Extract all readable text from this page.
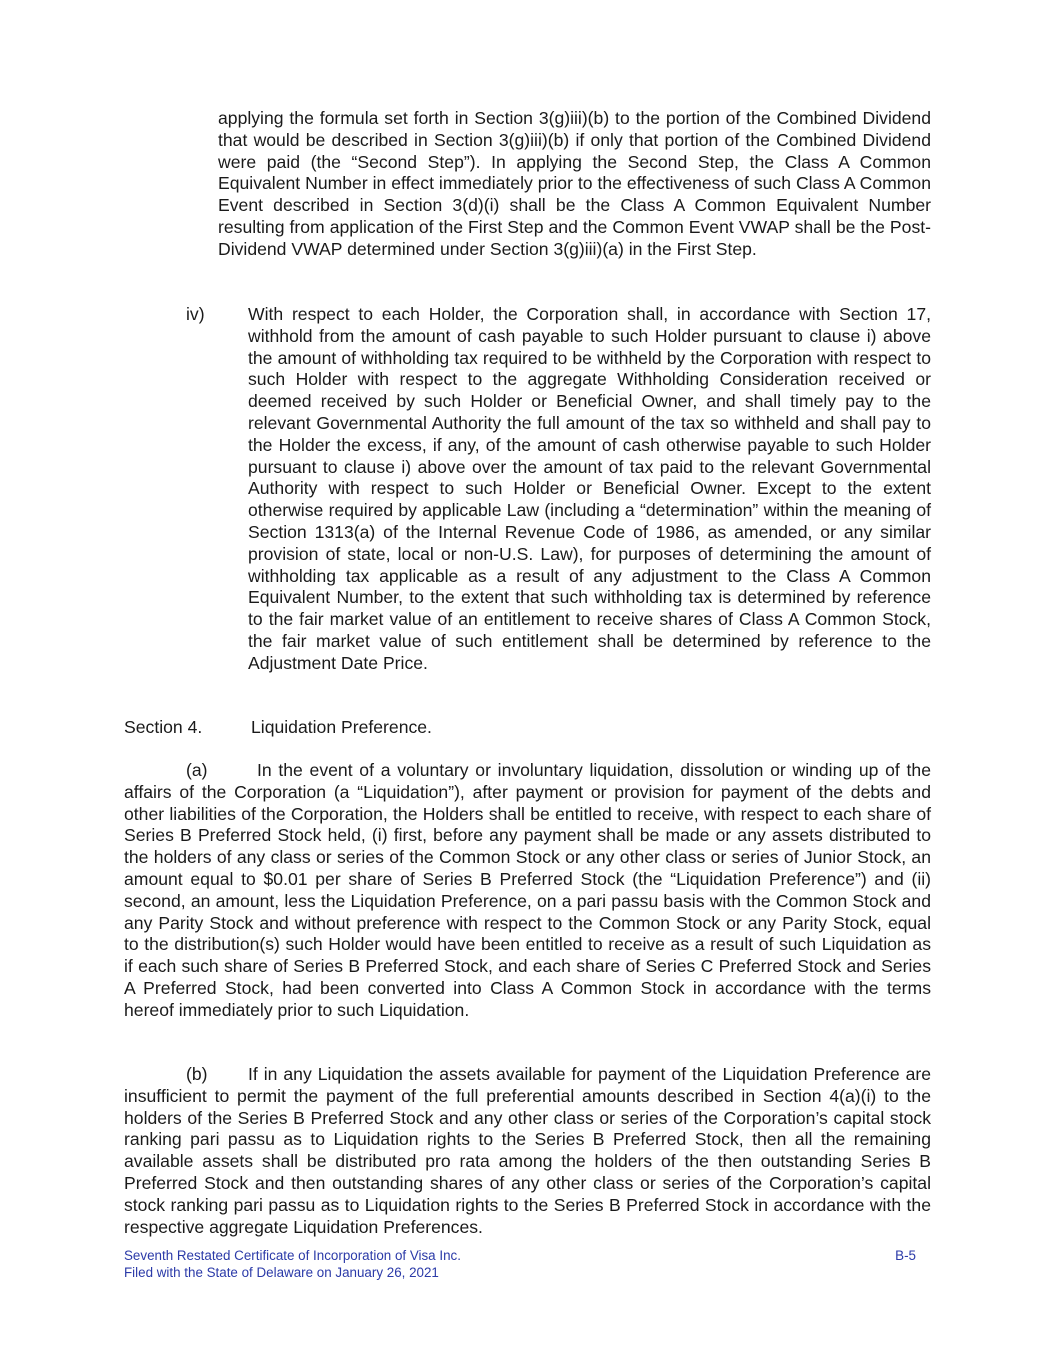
applying the formula set forth in Section 3(g)iii)(b) to the portion of the Combined Dividend that would be described in Section 3(g)iii)(b) if only that portion of the Combined Dividend were paid (the “Second Step”). In applying the Second Step, the Class A Common Equivalent Number in effect immediately prior to the effectiveness of such Class A Common Event described in Section 3(d)(i) shall be the Class A Common Equivalent Number resulting from application of the First Step and the Common Event VWAP shall be the Post-Dividend VWAP determined under Section 3(g)iii)(a) in the First Step.

iv) With respect to each Holder, the Corporation shall, in accordance with Section 17, withhold from the amount of cash payable to such Holder pursuant to clause i) above the amount of withholding tax required to be withheld by the Corporation with respect to such Holder with respect to the aggregate Withholding Consideration received or deemed received by such Holder or Beneficial Owner, and shall timely pay to the relevant Governmental Authority the full amount of the tax so withheld and shall pay to the Holder the excess, if any, of the amount of cash otherwise payable to such Holder pursuant to clause i) above over the amount of tax paid to the relevant Governmental Authority with respect to such Holder or Beneficial Owner. Except to the extent otherwise required by applicable Law (including a “determination” within the meaning of Section 1313(a) of the Internal Revenue Code of 1986, as amended, or any similar provision of state, local or non-U.S. Law), for purposes of determining the amount of withholding tax applicable as a result of any adjustment to the Class A Common Equivalent Number, to the extent that such withholding tax is determined by reference to the fair market value of an entitlement to receive shares of Class A Common Stock, the fair market value of such entitlement shall be determined by reference to the Adjustment Date Price.

Section 4.	Liquidation Preference.

(a)	In the event of a voluntary or involuntary liquidation, dissolution or winding up of the affairs of the Corporation (a “Liquidation”), after payment or provision for payment of the debts and other liabilities of the Corporation, the Holders shall be entitled to receive, with respect to each share of Series B Preferred Stock held, (i) first, before any payment shall be made or any assets distributed to the holders of any class or series of the Common Stock or any other class or series of Junior Stock, an amount equal to $0.01 per share of Series B Preferred Stock (the “Liquidation Preference”) and (ii) second, an amount, less the Liquidation Preference, on a pari passu basis with the Common Stock and any Parity Stock and without preference with respect to the Common Stock or any Parity Stock, equal to the distribution(s) such Holder would have been entitled to receive as a result of such Liquidation as if each such share of Series B Preferred Stock, and each share of Series C Preferred Stock and Series A Preferred Stock, had been converted into Class A Common Stock in accordance with the terms hereof immediately prior to such Liquidation.

(b) If in any Liquidation the assets available for payment of the Liquidation Preference are insufficient to permit the payment of the full preferential amounts described in Section 4(a)(i) to the holders of the Series B Preferred Stock and any other class or series of the Corporation’s capital stock ranking pari passu as to Liquidation rights to the Series B Preferred Stock, then all the remaining available assets shall be distributed pro rata among the holders of the then outstanding Series B Preferred Stock and then outstanding shares of any other class or series of the Corporation’s capital stock ranking pari passu as to Liquidation rights to the Series B Preferred Stock in accordance with the respective aggregate Liquidation Preferences.

Seventh Restated Certificate of Incorporation of Visa Inc.
Filed with the State of Delaware on January 26, 2021
B-5
